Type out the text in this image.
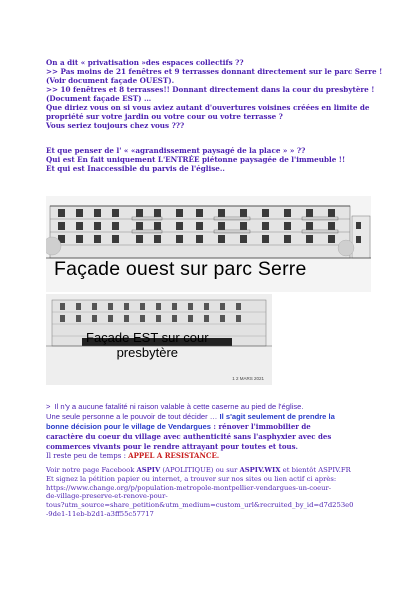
On a dit « privatisation »des espaces collectifs ??
>> Pas moins de 21 fenêtres et 9 terrasses donnant directement sur le parc Serre !
(Voir document façade OUEST).
>> 10 fenêtres et 8 terrasses!! Donnant directement dans la cour du presbytère !
(Document façade EST) …
Que diriez vous on si vous aviez autant d'ouvertures voisines créées en limite de
propriété sur votre jardin ou votre cour ou votre terrasse ?
Vous seriez toujours chez vous ???
Et que penser de l' « «agrandissement paysagé de la place » » ??
Qui est En fait uniquement L'ENTRÉE piétonne paysagée de l'immeuble !!
Et qui est Inaccessible du parvis de l'église..
Façade ouest sur parc Serre
Façade EST sur cour
presbytère
1 2 MARS 2021
> Il n'y a aucune fatalité ni raison valable à cette caserne au pied de l'église.
Une seule personne a le pouvoir de tout décider … Il s'agit seulement de prendre la
bonne décision pour le village de Vendargues : rénover l'immobilier de
caractère du coeur du village avec authenticité sans l'asphyxier avec des
commerces vivants pour le rendre attrayant pour toutes et tous.
Il reste peu de temps : APPEL A RESISTANCE.
Voir notre page Facebook ASPIV (APOLITIQUE) ou sur ASPIV.WIX et bientôt ASPIV.FR
Et signez la pétition papier ou internet, a trouver sur nos sites ou lien actif ci après:
https://www.change.org/p/population-metropole-montpellier-vendargues-un-coeur-
de-village-preserve-et-renove-pour-
tous?utm_source=share_petition&utm_medium=custom_url&recruited_by_id=d7d253e0
-9de1-11eb-b2d1-a3ff55c57717
